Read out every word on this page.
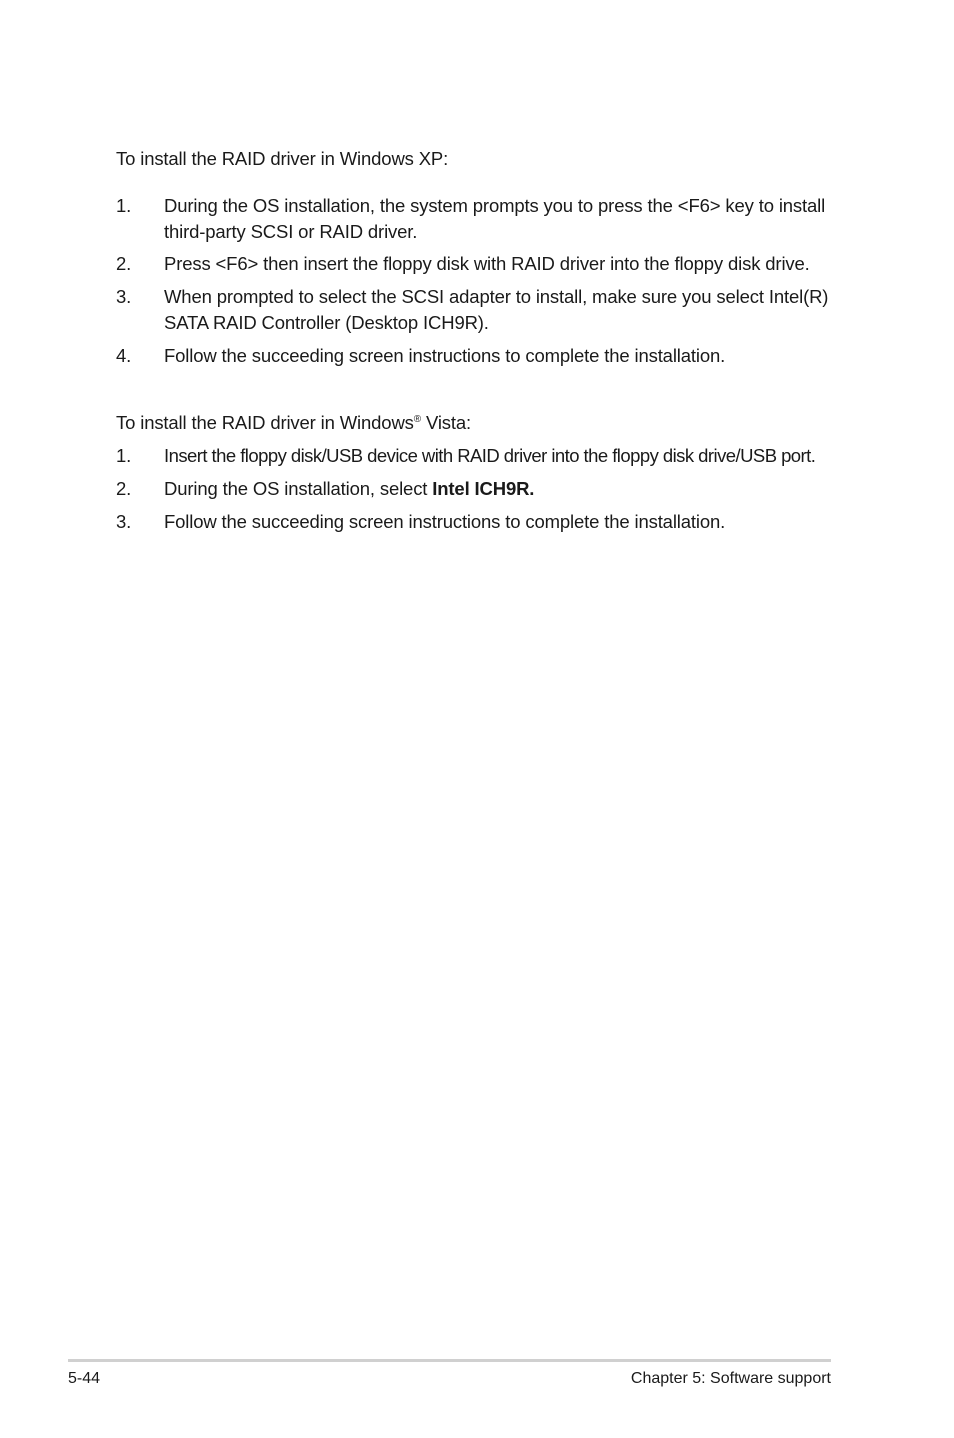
To install the RAID driver in Windows XP:

1.	During the OS installation, the system prompts you to press the <F6> key to install third-party SCSI or RAID driver.
2.	Press <F6> then insert the floppy disk with RAID driver into the floppy disk drive.
3.	When prompted to select the SCSI adapter to install, make sure you select Intel(R) SATA RAID Controller (Desktop ICH9R).
4.	Follow the succeeding screen instructions to complete the installation.

To install the RAID driver in Windows® Vista:

1.	Insert the floppy disk/USB device with RAID driver into the floppy disk drive/USB port.
2.	During the OS installation, select Intel ICH9R.
3.	Follow the succeeding screen instructions to complete the installation.
5-44	Chapter 5: Software support
